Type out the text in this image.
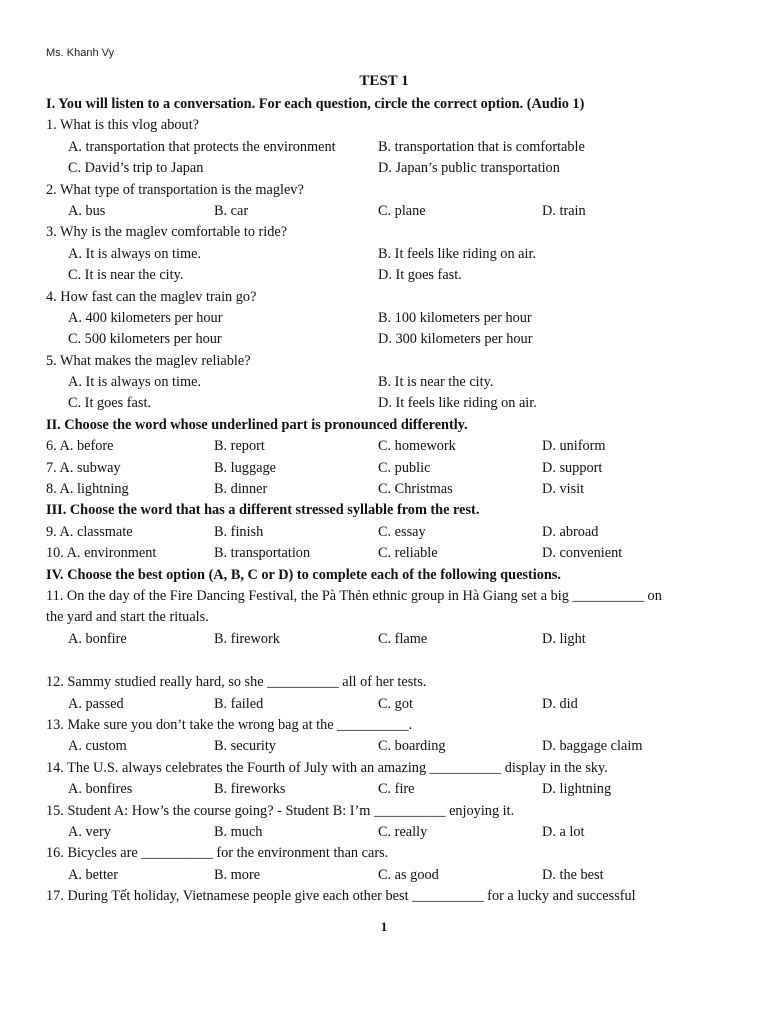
Ms. Khanh Vy
TEST 1
I. You will listen to a conversation. For each question, circle the correct option. (Audio 1)
1. What is this vlog about?
A. transportation that protects the environment	B. transportation that is comfortable
C. David’s trip to Japan	D. Japan’s public transportation
2. What type of transportation is the maglev?
A. bus	B. car	C. plane	D. train
3. Why is the maglev comfortable to ride?
A. It is always on time.	B. It feels like riding on air.
C. It is near the city.	D. It goes fast.
4. How fast can the maglev train go?
A. 400 kilometers per hour	B. 100 kilometers per hour
C. 500 kilometers per hour	D. 300 kilometers per hour
5. What makes the maglev reliable?
A. It is always on time.	B. It is near the city.
C. It goes fast.	D. It feels like riding on air.
II. Choose the word whose underlined part is pronounced differently.
6. A. before	B. report	C. homework	D. uniform
7. A. subway	B. luggage	C. public	D. support
8. A. lightning	B. dinner	C. Christmas	D. visit
III. Choose the word that has a different stressed syllable from the rest.
9. A. classmate	B. finish	C. essay	D. abroad
10. A. environment	B. transportation	C. reliable	D. convenient
IV. Choose the best option (A, B, C or D) to complete each of the following questions.
11. On the day of the Fire Dancing Festival, the Pà Thẻn ethnic group in Hà Giang set a big __________ on
the yard and start the rituals.
A. bonfire	B. firework	C. flame	D. light
12. Sammy studied really hard, so she __________ all of her tests.
A. passed	B. failed	C. got	D. did
13. Make sure you don’t take the wrong bag at the __________.
A. custom	B. security	C. boarding	D. baggage claim
14. The U.S. always celebrates the Fourth of July with an amazing __________ display in the sky.
A. bonfires	B. fireworks	C. fire	D. lightning
15. Student A: How’s the course going? - Student B: I’m __________ enjoying it.
A. very	B. much	C. really	D. a lot
16. Bicycles are __________ for the environment than cars.
A. better	B. more	C. as good	D. the best
17. During Tết holiday, Vietnamese people give each other best __________ for a lucky and successful
1
